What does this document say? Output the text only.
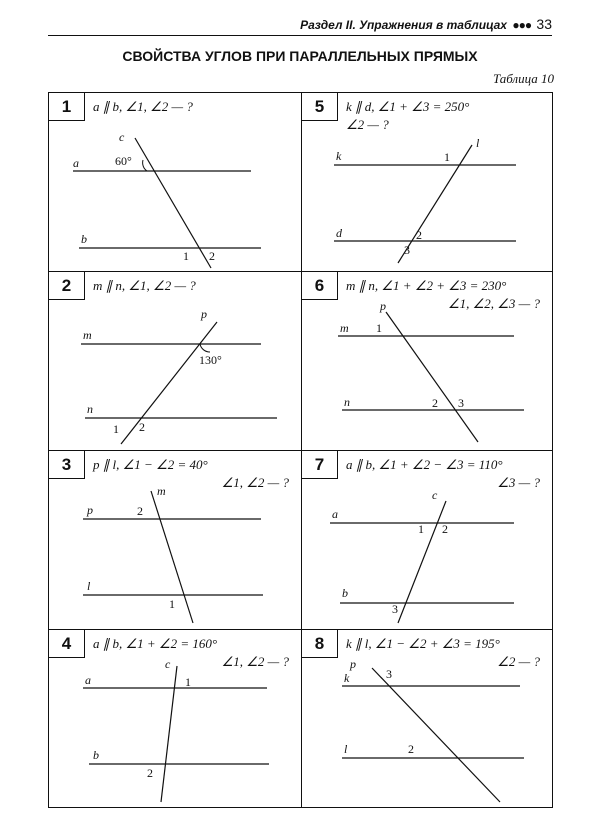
Раздел II. Упражнения в таблицах ●●● 33
СВОЙСТВА УГЛОВ ПРИ ПАРАЛЛЕЛЬНЫХ ПРЯМЫХ
Таблица 10
1	a ∥ b, ∠1, ∠2 — ?
c
a
b
60°
1 2
5	k ∥ d, ∠1 + ∠3 = 250°
∠2 — ?
l
k
d
1
2
3
2	m ∥ n, ∠1, ∠2 — ?
p
m
n
130°
1 2
6	m ∥ n, ∠1 + ∠2 + ∠3 = 230°
∠1, ∠2, ∠3 — ?
p
m
n
1
2 3
3	p ∥ l, ∠1 − ∠2 = 40°
∠1, ∠2 — ?
m
p
l
2
1
7	a ∥ b, ∠1 + ∠2 − ∠3 = 110°
∠3 — ?
c
a
b
1 2
3
4	a ∥ b, ∠1 + ∠2 = 160°
∠1, ∠2 — ?
c
a
b
1
2
8	k ∥ l, ∠1 − ∠2 + ∠3 = 195°
∠2 — ?
p
k
l
3
2
